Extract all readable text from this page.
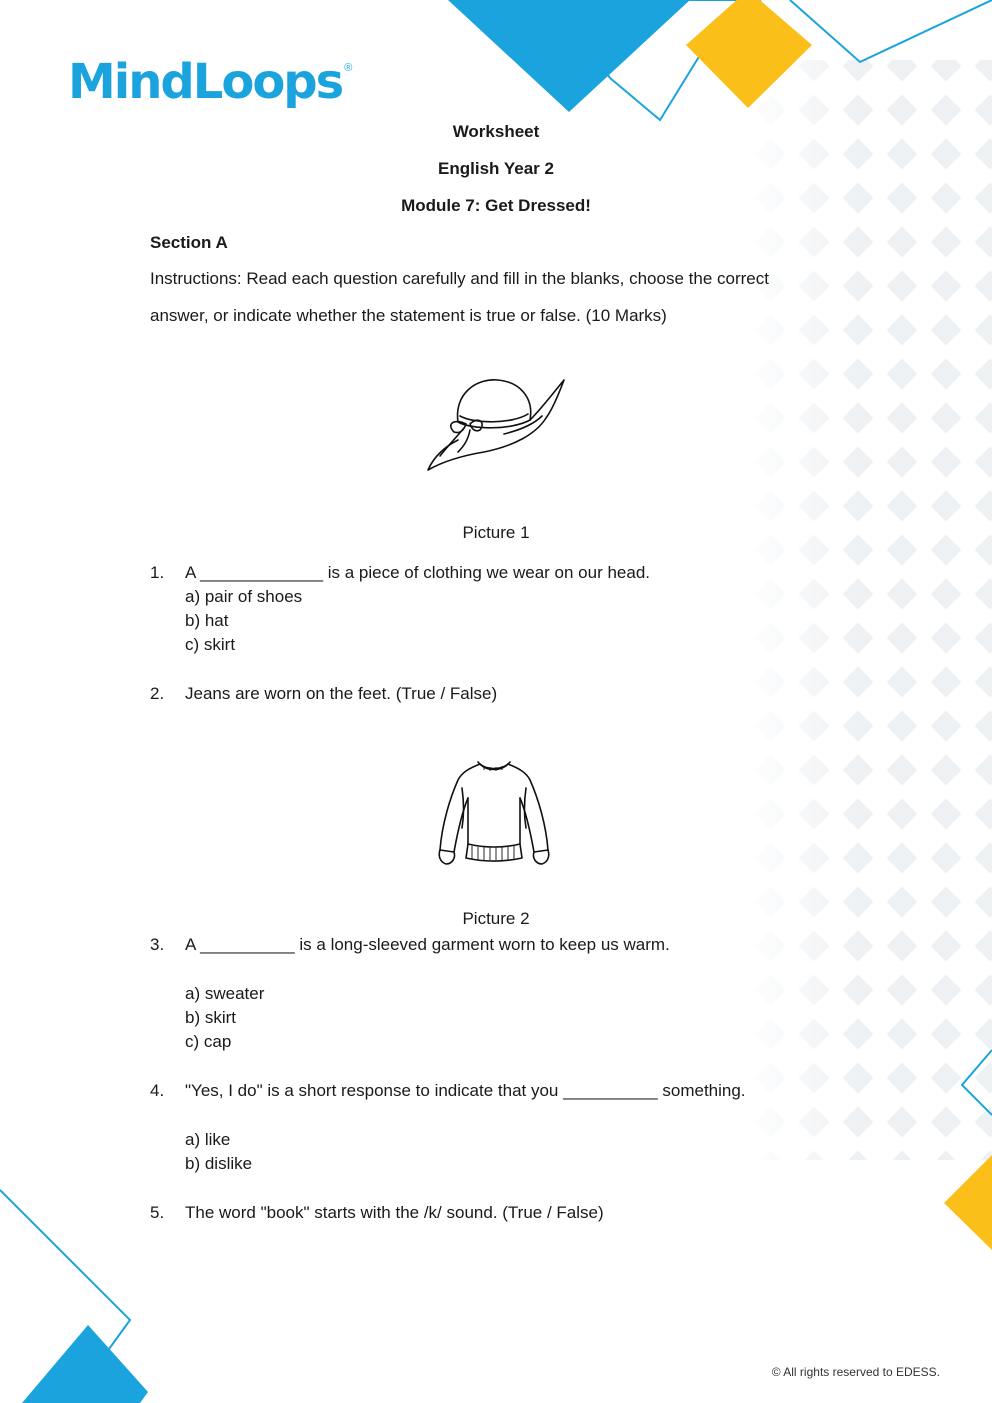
MindLoops ®
Worksheet
English Year 2
Module 7: Get Dressed!
Section A
Instructions: Read each question carefully and fill in the blanks, choose the correct
answer, or indicate whether the statement is true or false. (10 Marks)
Picture 1
1. A _____________ is a piece of clothing we wear on our head.
a) pair of shoes
b) hat
c) skirt
2. Jeans are worn on the feet. (True / False)
Picture 2
3. A __________ is a long-sleeved garment worn to keep us warm.
a) sweater
b) skirt
c) cap
4. "Yes, I do" is a short response to indicate that you __________ something.
a) like
b) dislike
5. The word "book" starts with the /k/ sound. (True / False)
© All rights reserved to EDESS.
